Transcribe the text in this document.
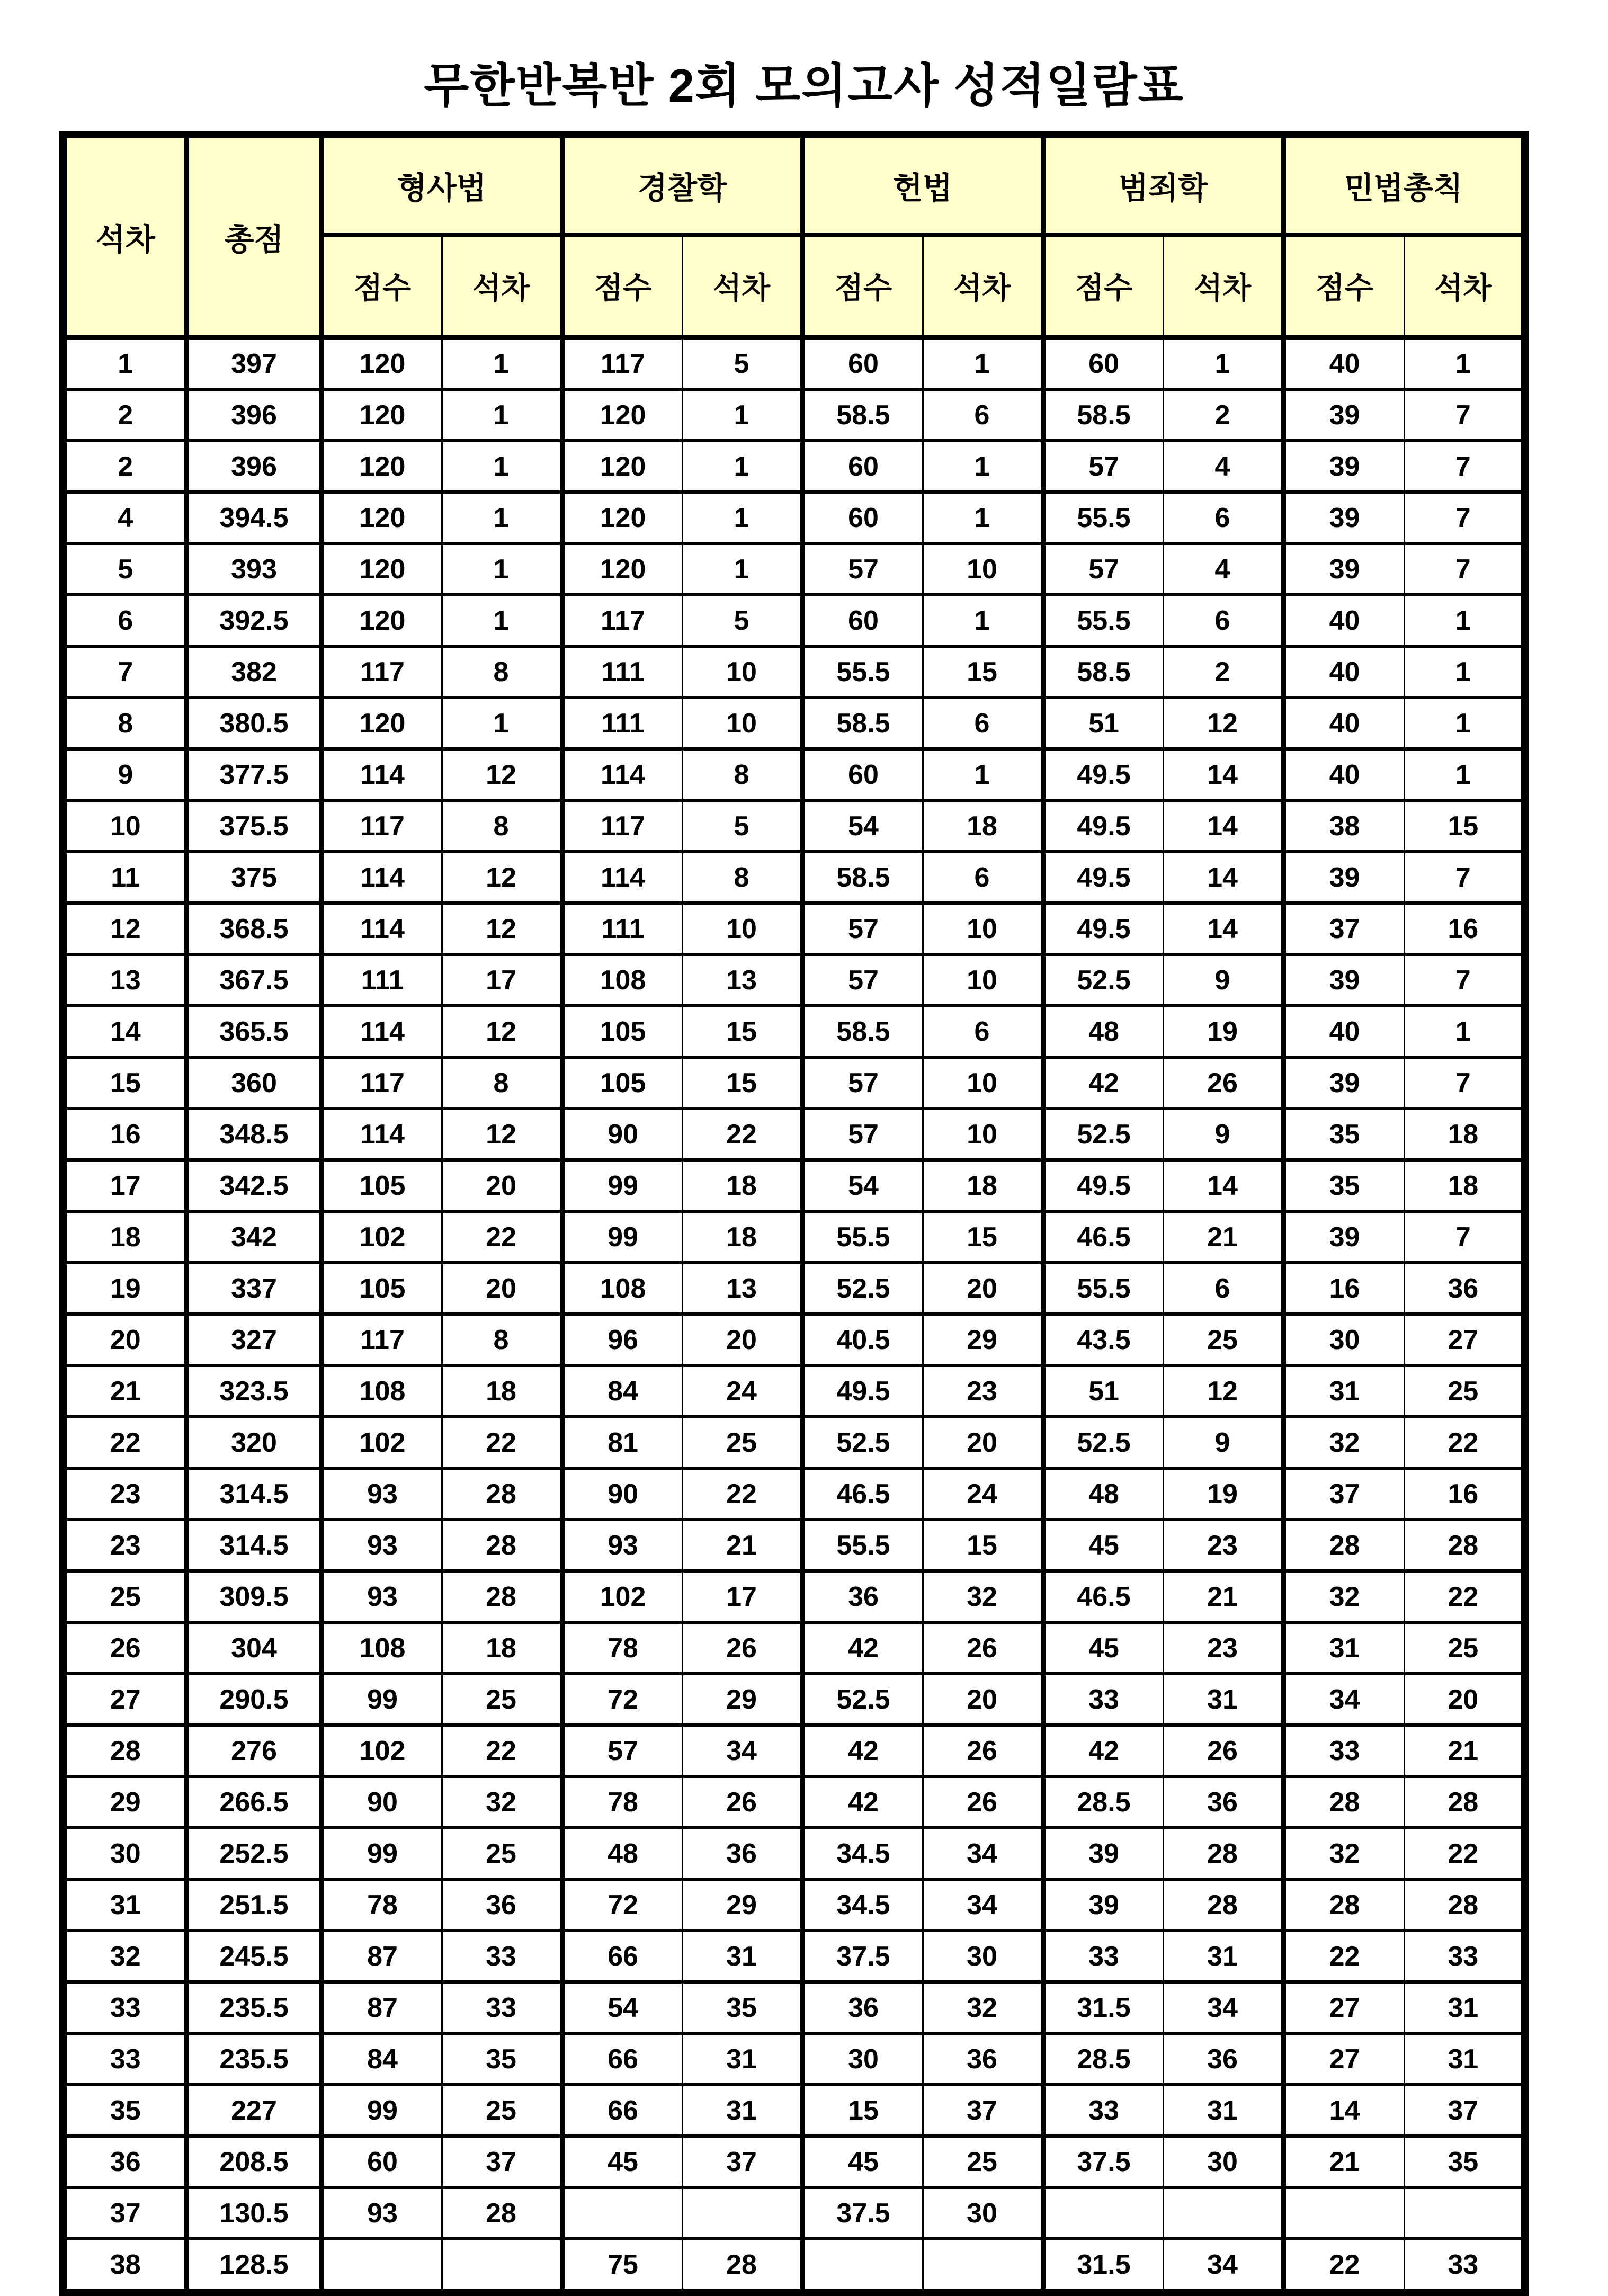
무한반복반 2회 모의고사 성적일람표
석차	총점	형사법		경찰학		헌법		범죄학		민법총칙	
		점수	석차	점수	석차	점수	석차	점수	석차	점수	석차
1	397	120	1	117	5	60	1	60	1	40	1
2	396	120	1	120	1	58.5	6	58.5	2	39	7
2	396	120	1	120	1	60	1	57	4	39	7
4	394.5	120	1	120	1	60	1	55.5	6	39	7
5	393	120	1	120	1	57	10	57	4	39	7
6	392.5	120	1	117	5	60	1	55.5	6	40	1
7	382	117	8	111	10	55.5	15	58.5	2	40	1
8	380.5	120	1	111	10	58.5	6	51	12	40	1
9	377.5	114	12	114	8	60	1	49.5	14	40	1
10	375.5	117	8	117	5	54	18	49.5	14	38	15
11	375	114	12	114	8	58.5	6	49.5	14	39	7
12	368.5	114	12	111	10	57	10	49.5	14	37	16
13	367.5	111	17	108	13	57	10	52.5	9	39	7
14	365.5	114	12	105	15	58.5	6	48	19	40	1
15	360	117	8	105	15	57	10	42	26	39	7
16	348.5	114	12	90	22	57	10	52.5	9	35	18
17	342.5	105	20	99	18	54	18	49.5	14	35	18
18	342	102	22	99	18	55.5	15	46.5	21	39	7
19	337	105	20	108	13	52.5	20	55.5	6	16	36
20	327	117	8	96	20	40.5	29	43.5	25	30	27
21	323.5	108	18	84	24	49.5	23	51	12	31	25
22	320	102	22	81	25	52.5	20	52.5	9	32	22
23	314.5	93	28	90	22	46.5	24	48	19	37	16
23	314.5	93	28	93	21	55.5	15	45	23	28	28
25	309.5	93	28	102	17	36	32	46.5	21	32	22
26	304	108	18	78	26	42	26	45	23	31	25
27	290.5	99	25	72	29	52.5	20	33	31	34	20
28	276	102	22	57	34	42	26	42	26	33	21
29	266.5	90	32	78	26	42	26	28.5	36	28	28
30	252.5	99	25	48	36	34.5	34	39	28	32	22
31	251.5	78	36	72	29	34.5	34	39	28	28	28
32	245.5	87	33	66	31	37.5	30	33	31	22	33
33	235.5	87	33	54	35	36	32	31.5	34	27	31
33	235.5	84	35	66	31	30	36	28.5	36	27	31
35	227	99	25	66	31	15	37	33	31	14	37
36	208.5	60	37	45	37	45	25	37.5	30	21	35
37	130.5	93	28			37.5	30				
38	128.5			75	28			31.5	34	22	33
